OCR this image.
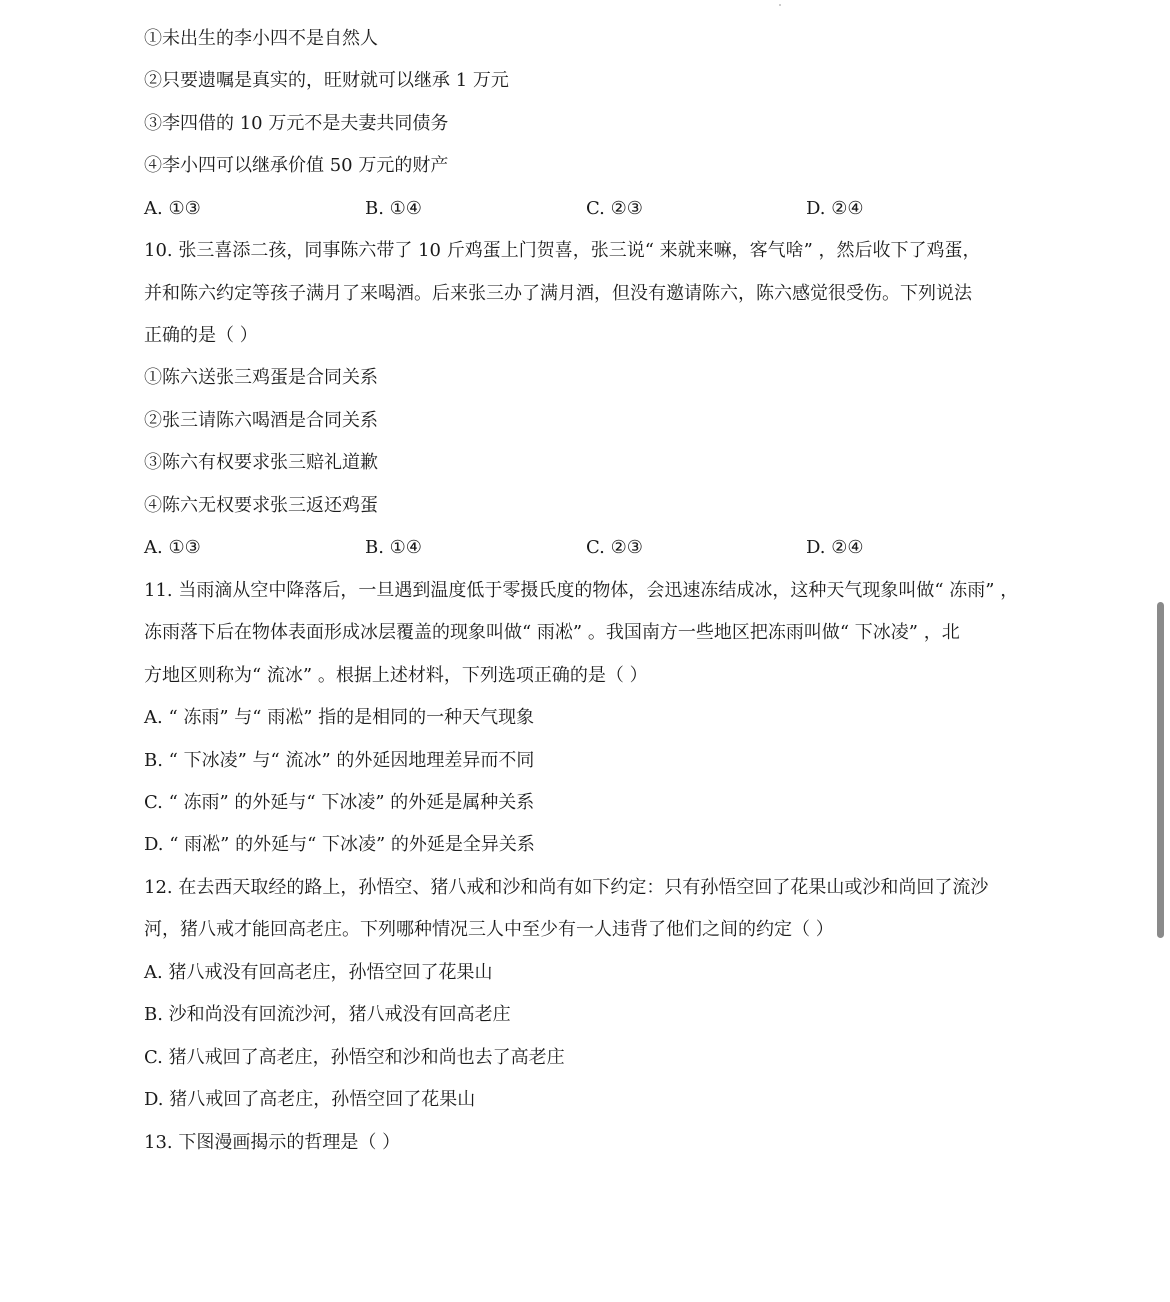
①未出生的李小四不是自然人
②只要遗嘱是真实的，旺财就可以继承 1 万元
③李四借的 10 万元不是夫妻共同债务
④李小四可以继承价值 50 万元的财产
A. ①③	B. ①④	C. ②③	D. ②④
10. 张三喜添二孩，同事陈六带了 10 斤鸡蛋上门贺喜，张三说“ 来就来嘛，客气啥” ，然后收下了鸡蛋，
并和陈六约定等孩子满月了来喝酒。后来张三办了满月酒，但没有邀请陈六，陈六感觉很受伤。下列说法
正确的是（ ）
①陈六送张三鸡蛋是合同关系
②张三请陈六喝酒是合同关系
③陈六有权要求张三赔礼道歉
④陈六无权要求张三返还鸡蛋
A. ①③	B. ①④	C. ②③	D. ②④
11. 当雨滴从空中降落后，一旦遇到温度低于零摄氏度的物体，会迅速冻结成冰，这种天气现象叫做“ 冻雨” ，
冻雨落下后在物体表面形成冰层覆盖的现象叫做“ 雨凇” 。我国南方一些地区把冻雨叫做“ 下冰凌” ，北
方地区则称为“ 流冰” 。根据上述材料，下列选项正确的是（ ）
A. “ 冻雨” 与“ 雨凇” 指的是相同的一种天气现象
B. “ 下冰凌” 与“ 流冰” 的外延因地理差异而不同
C. “ 冻雨” 的外延与“ 下冰凌” 的外延是属种关系
D. “ 雨凇” 的外延与“ 下冰凌” 的外延是全异关系
12. 在去西天取经的路上，孙悟空、猪八戒和沙和尚有如下约定：只有孙悟空回了花果山或沙和尚回了流沙
河，猪八戒才能回高老庄。下列哪种情况三人中至少有一人违背了他们之间的约定（ ）
A. 猪八戒没有回高老庄，孙悟空回了花果山
B. 沙和尚没有回流沙河，猪八戒没有回高老庄
C. 猪八戒回了高老庄，孙悟空和沙和尚也去了高老庄
D. 猪八戒回了高老庄，孙悟空回了花果山
13. 下图漫画揭示的哲理是（ ）
